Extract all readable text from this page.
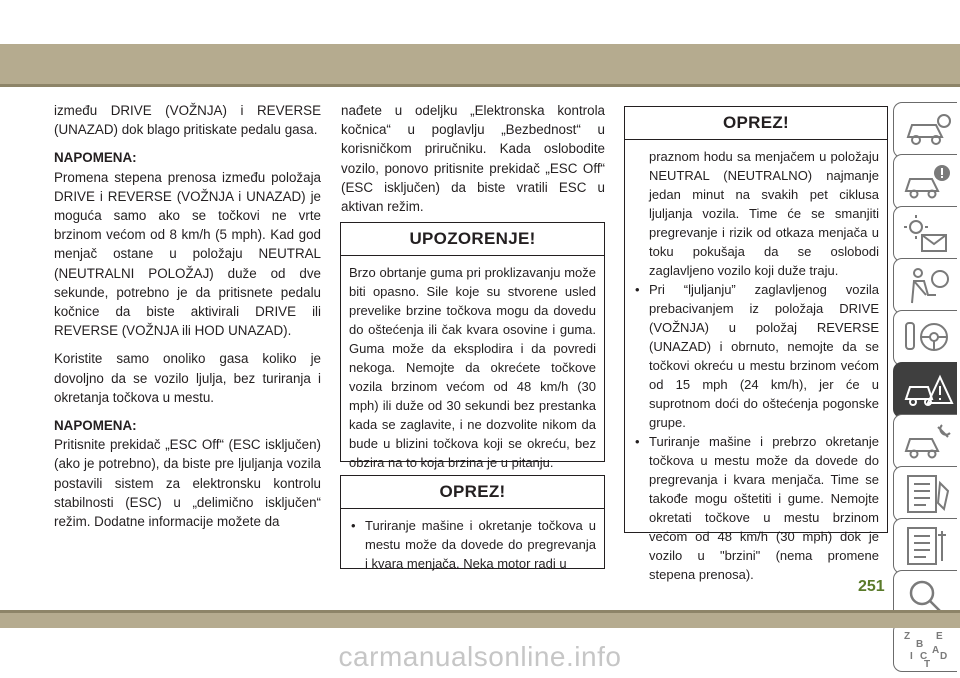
između DRIVE (VOŽNJA) i REVERSE (UNAZAD) dok blago pritiskate pedalu gasa.

NAPOMENA:

Promena stepena prenosa između položaja DRIVE i REVERSE (VOŽNJA i UNAZAD) je moguća samo ako se točkovi ne vrte brzinom većom od 8 km/h (5 mph). Kad god menjač ostane u položaju NEUTRAL (NEUTRALNI POLOŽAJ) duže od dve sekunde, potrebno je da pritisnete pedalu kočnice da biste aktivirali DRIVE ili REVERSE (VOŽNJA ili HOD UNAZAD).

Koristite samo onoliko gasa koliko je dovoljno da se vozilo ljulja, bez turiranja i okretanja točkova u mestu.

NAPOMENA:

Pritisnite prekidač „ESC Off“ (ESC isključen) (ako je potrebno), da biste pre ljuljanja vozila postavili sistem za elektronsku kontrolu stabilnosti (ESC) u „delimično isključen“ režim. Dodatne informacije možete da

nađete u odeljku „Elektronska kontrola kočnica“ u poglavlju „Bezbednost“ u korisničkom priručniku. Kada oslobodite vozilo, ponovo pritisnite prekidač „ESC Off“ (ESC isključen) da biste vratili ESC u aktivan režim.

UPOZORENJE!
Brzo obrtanje guma pri proklizavanju može biti opasno. Sile koje su stvorene usled prevelike brzine točkova mogu da dovedu do oštećenja ili čak kvara osovine i guma. Guma može da eksplodira i da povredi nekoga. Nemojte da okrećete točkove vozila brzinom većom od 48 km/h (30 mph) ili duže od 30 sekundi bez prestanka kada se zaglavite, i ne dozvolite nikom da bude u blizini točkova koji se okreću, bez obzira na to koja brzina je u pitanju.
OPREZ!
• Turiranje mašine i okretanje točkova u mestu može da dovede do pregrevanja i kvara menjača. Neka motor radi u
OPREZ!
praznom hodu sa menjačem u položaju NEUTRAL (NEUTRALNO) najmanje jedan minut na svakih pet ciklusa ljuljanja vozila. Time će se smanjiti pregrevanje i rizik od otkaza menjača u toku pokušaja da se oslobodi zaglavljeno vozilo koji duže traju.
• Pri “ljuljanju” zaglavljenog vozila prebacivanjem iz položaja DRIVE (VOŽNJA) u položaj REVERSE (UNAZAD) i obrnuto, nemojte da se točkovi okreću u mestu brzinom većom od 15 mph (24 km/h), jer će u suprotnom doći do oštećenja pogonske grupe.
• Turiranje mašine i prebrzo okretanje točkova u mestu može da dovede do pregrevanja i kvara menjača. Time se takođe mogu oštetiti i gume. Nemojte okretati točkove u mestu brzinom većom od 48 km/h (30 mph) dok je vozilo u "brzini" (nema promene stepena prenosa).
Z	E
B
A
I C D
T
251
carmanualsonline.info
